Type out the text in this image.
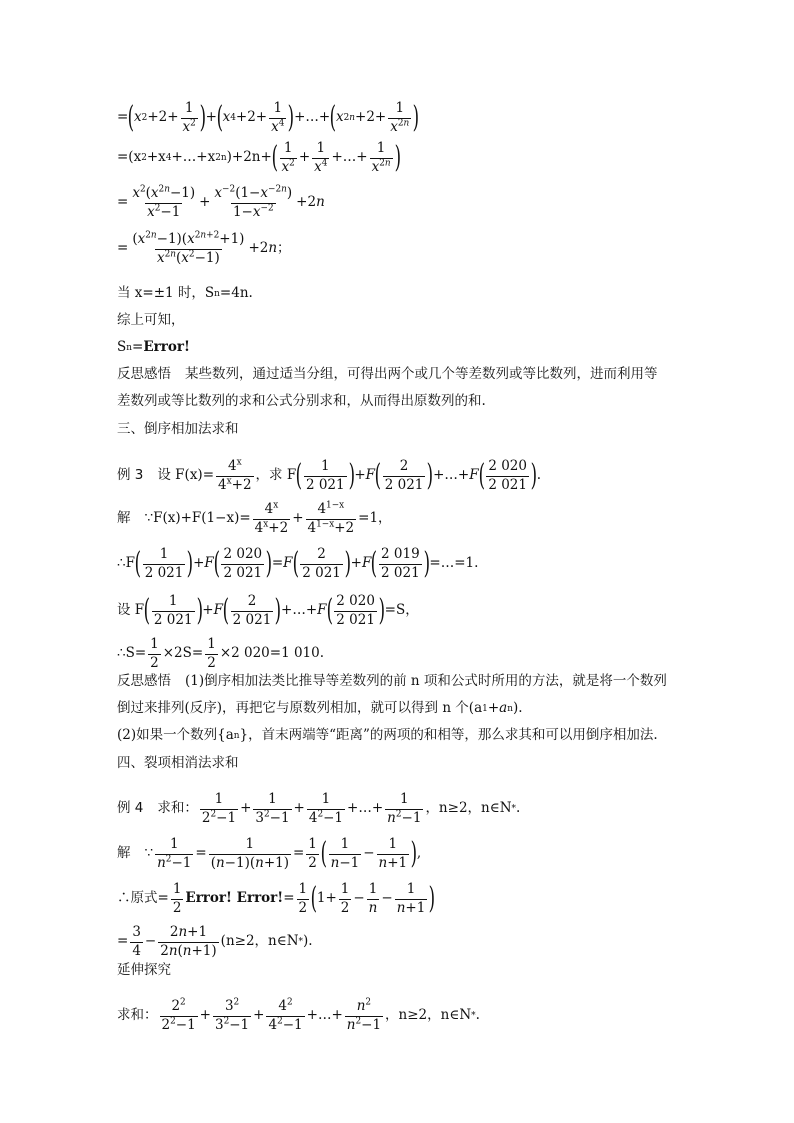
= ( x $2 +2+ \frac{1}{x^2}$ ) + ( x $4 +2+ \frac{1}{x^4}$ ) +…+ ( x $2n +2+ \frac{1}{x^{2n}}$ )
=(x 2 +x 4 +…+x 2n )+2n+ ( $\frac{1}{x^2} + \frac{1}{x^4}$ +…+ $\frac{1}{x^{2n}}$ )
= $\frac{x^2(x^{2n}-1)}{x^2-1} + \frac{x^{-2}(1-x^{-2n})}{1-x^{-2}} +2$ n
= $\frac{(x^{2n}-1)(x^{2n+2}+1)}{x^{2n}(x^2-1)} +2$ n ；
当 x=±1 时，S n =4n.
综上可知，
S n = Error!
反思感悟 某些数列，通过适当分组，可得出两个或几个等差数列或等比数列，进而利用等
差数列或等比数列的求和公式分别求和，从而得出原数列的和.
三、倒序相加法求和
例 3 设 $F(x)= \frac{4^x}{4^x+2}$ ，求 F ( $\frac{1}{2 021}$ ) + F ( $\frac{2}{2 021}$ ) +…+ F ( $\frac{2 020}{2 021}$ ) .
解 ∵F(x)+F(1−x)= $\frac{4^x}{4^x+2} + \frac{4^{1-x}}{4^{1-x}+2} =1$，
∴F ( $\frac{1}{2 021}$ ) + F ( $\frac{2 020}{2 021}$ ) = F ( $\frac{2}{2 021}$ ) + F ( $\frac{2 019}{2 021}$ ) =…=1.
设 F ( $\frac{1}{2 021}$ ) + F ( $\frac{2}{2 021}$ ) +…+ F ( $\frac{2 020}{2 021}$ ) =S，
∴S= $\frac{1}{2} \times 2S= \frac{1}{2} \times 2$ 020=1 010.
反思感悟 (1)倒序相加法类比推导等差数列的前 n 项和公式时所用的方法，就是将一个数列
倒过来排列(反序)，再把它与原数列相加，就可以得到 n 个(a 1 + a n ).
(2)如果一个数列{a n }，首末两端等“距离”的两项的和相等，那么求其和可以用倒序相加法.
四、裂项相消法求和
例 4 求和： $\frac{1}{2^2-1} + \frac{1}{3^2-1} + \frac{1}{4^2-1}$ +…+ $\frac{1}{n^2-1}$ ，n≥2，n∈N * .
解 ∵ $\frac{1}{n^2-1} = \frac{1}{(n-1)(n+1)} = \frac{1}{2}$ ( $\frac{1}{n-1} - \frac{1}{n+1}$ ) ,
∴原式= $\frac{1}{2}$ Error! Error! = $\frac{1}{2}$ ( $1+ \frac{1}{2} - \frac{1}{n} - \frac{1}{n+1}$ )
= $\frac{3}{4} - \frac{2n+1}{2n(n+1)} (n\ge 2$，n∈N * ).
延伸探究
求和： $\frac{2^2}{2^2-1} + \frac{3^2}{3^2-1} + \frac{4^2}{4^2-1}$ +…+ $\frac{n^2}{n^2-1}$ ，n≥2，n∈N * .
